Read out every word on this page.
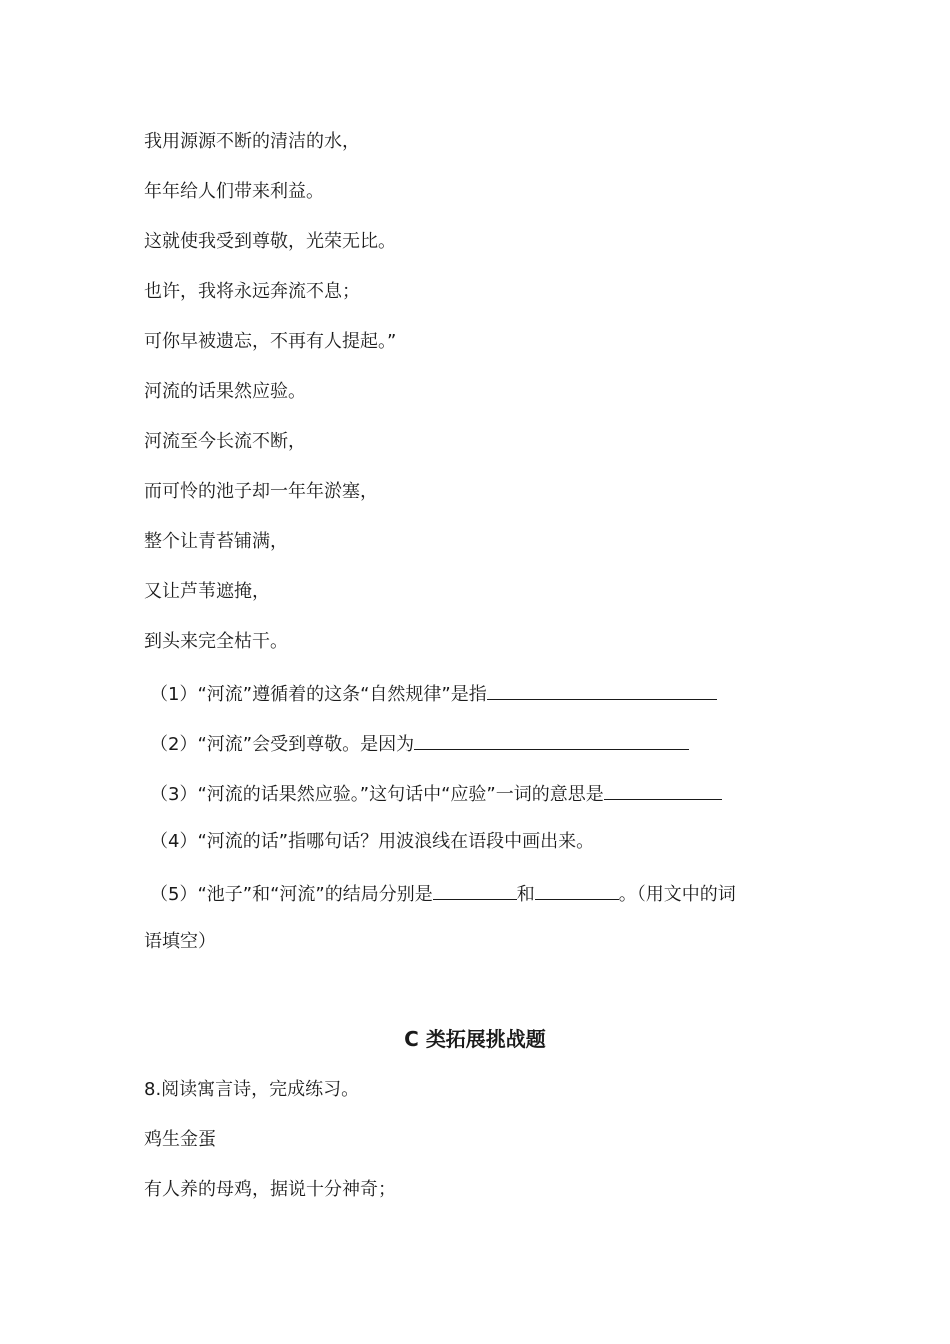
我用源源不断的清洁的水，
年年给人们带来利益。
这就使我受到尊敬，光荣无比。
也许，我将永远奔流不息；
可你早被遗忘，不再有人提起。”
河流的话果然应验。
河流至今长流不断，
而可怜的池子却一年年淤塞，
整个让青苔铺满，
又让芦苇遮掩，
到头来完全枯干。
（1）“河流”遵循着的这条“自然规律”是指
（2）“河流”会受到尊敬。是因为
（3）“河流的话果然应验。”这句话中“应验”一词的意思是
（4）“河流的话”指哪句话？用波浪线在语段中画出来。
（5）“池子”和“河流”的结局分别是	和	。（用文中的词
语填空）
C 类拓展挑战题
8.阅读寓言诗，完成练习。
鸡生金蛋
有人养的母鸡，据说十分神奇；
